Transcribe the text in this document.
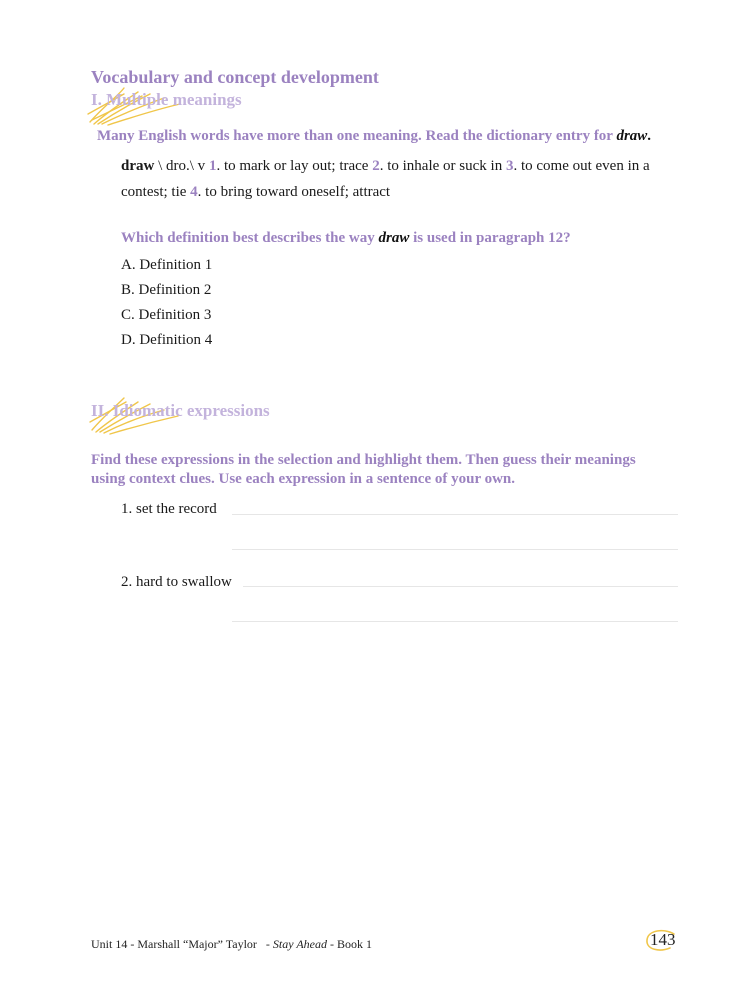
Vocabulary and concept development
I. Multiple meanings
Many English words have more than one meaning. Read the dictionary entry for draw.
draw \ dro.\ v 1. to mark or lay out; trace 2. to inhale or suck in 3. to come out even in a contest; tie 4. to bring toward oneself; attract
Which definition best describes the way draw is used in paragraph 12?
A. Definition 1
B. Definition 2
C. Definition 3
D. Definition 4
II. Idiomatic expressions
Find these expressions in the selection and highlight them. Then guess their meanings using context clues. Use each expression in a sentence of your own.
1. set the record
2. hard to swallow
Unit 14 - Marshall “Major” Taylor   - Stay Ahead - Book 1	143
